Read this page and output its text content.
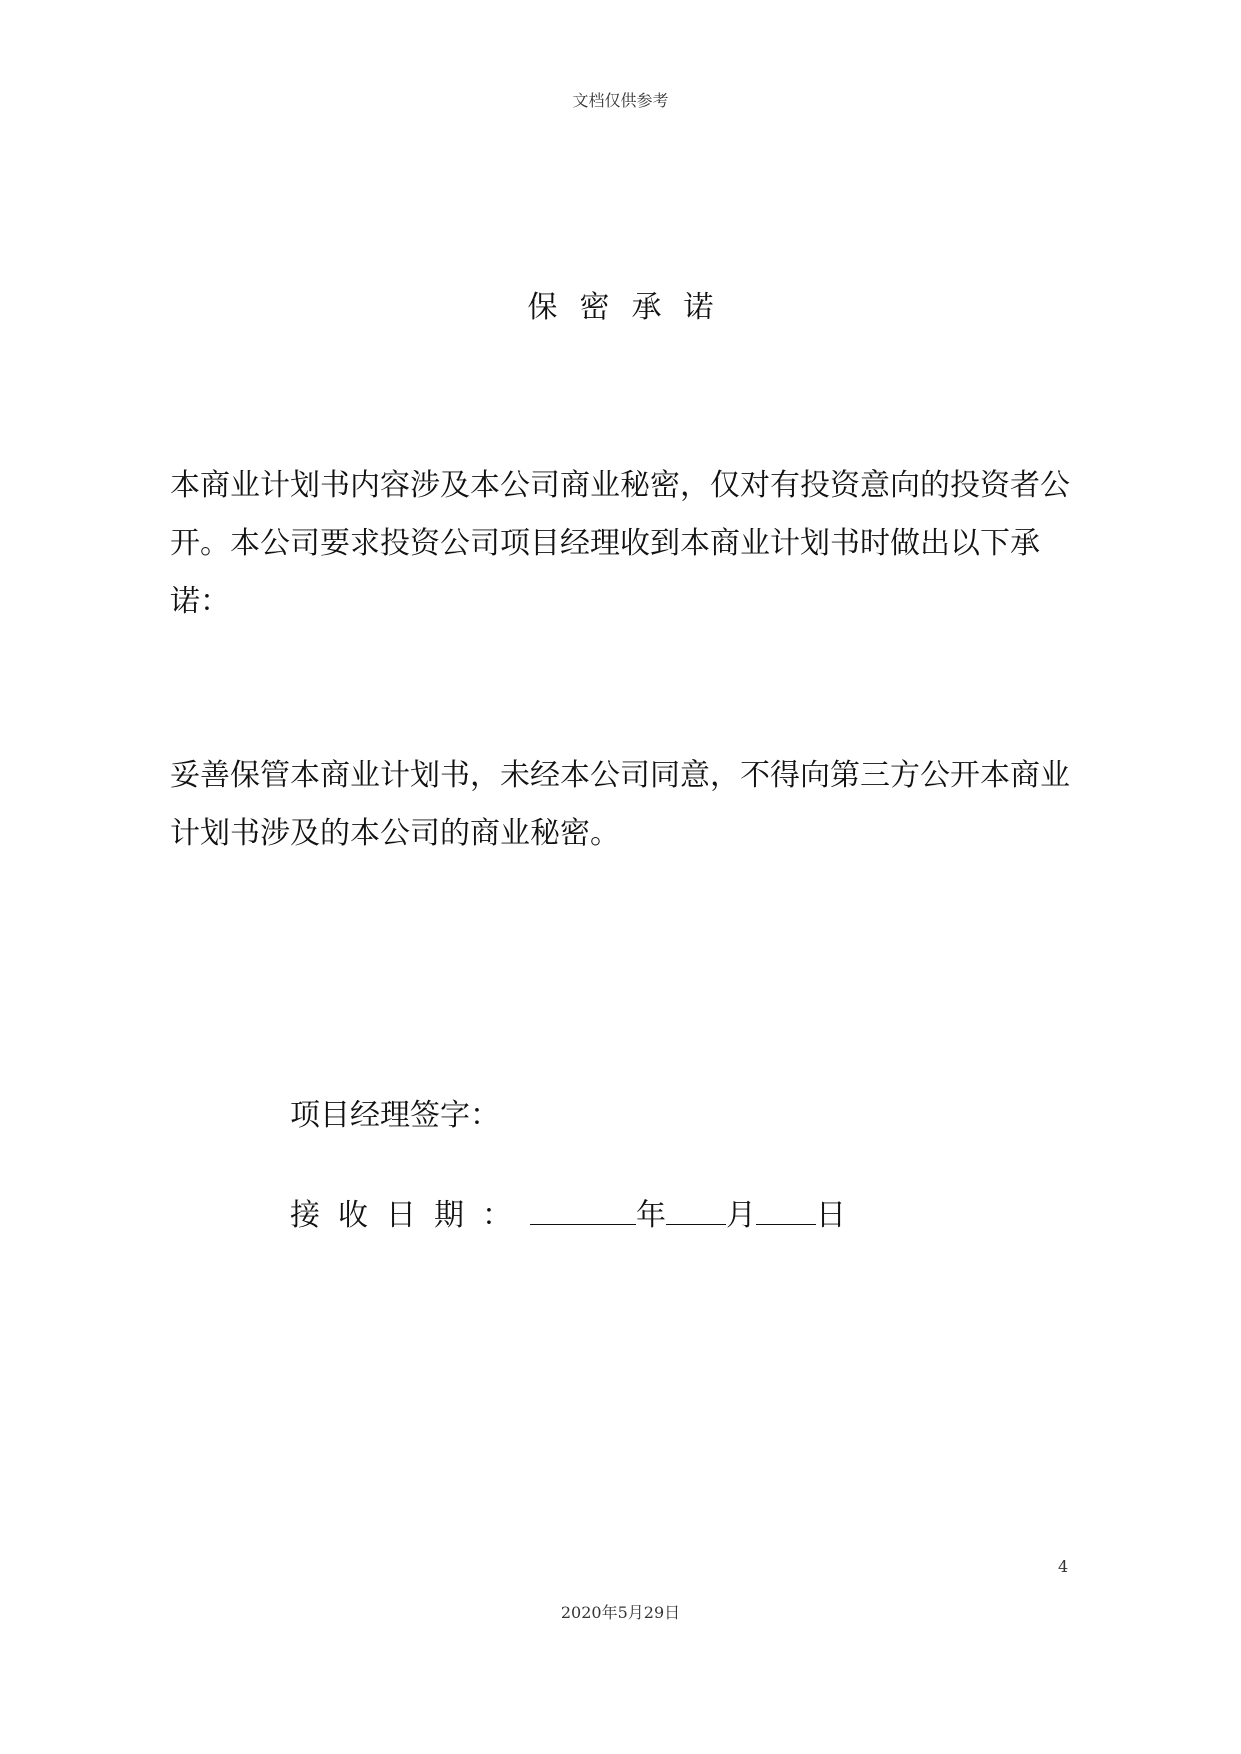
文档仅供参考
保密承诺

本商业计划书内容涉及本公司商业秘密，仅对有投资意向的投资者公开。本公司要求投资公司项目经理收到本商业计划书时做出以下承诺：

妥善保管本商业计划书，未经本公司同意，不得向第三方公开本商业计划书涉及的本公司的商业秘密。

项目经理签字：
接收日期：	年 月 日
4
2020年5月29日
